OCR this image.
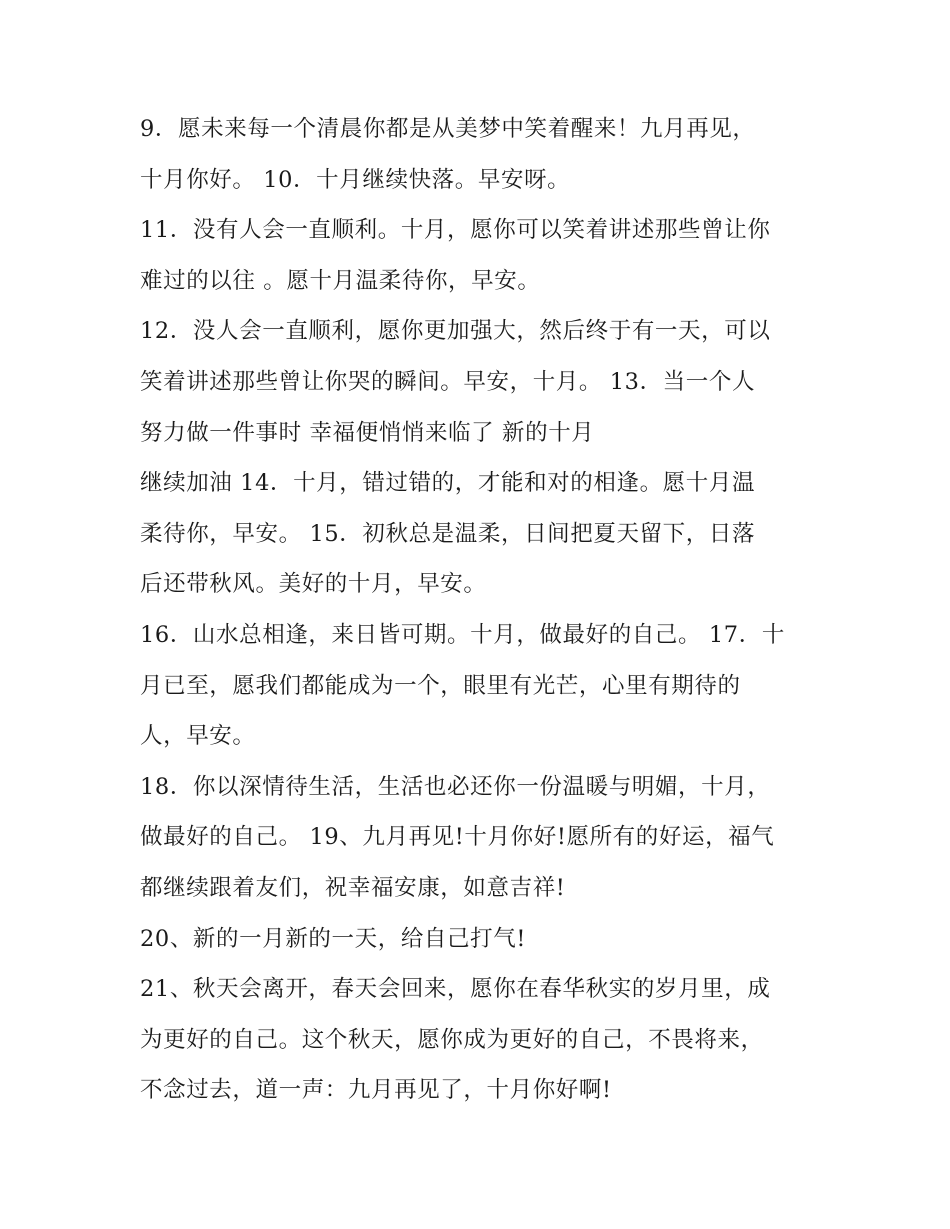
9．愿未来每一个清晨你都是从美梦中笑着醒来！九月再见，
十月你好。 10．十月继续快落。早安呀。
11．没有人会一直顺利。十月，愿你可以笑着讲述那些曾让你
难过的以往 。愿十月温柔待你，早安。
12．没人会一直顺利，愿你更加强大，然后终于有一天，可以
笑着讲述那些曾让你哭的瞬间。早安，十月。 13．当一个人
努力做一件事时 幸福便悄悄来临了 新的十月
继续加油 14．十月，错过错的，才能和对的相逢。愿十月温
柔待你，早安。 15．初秋总是温柔，日间把夏天留下，日落
后还带秋风。美好的十月，早安。
16．山水总相逢，来日皆可期。十月，做最好的自己。 17．十
月已至，愿我们都能成为一个，眼里有光芒，心里有期待的
人，早安。
18．你以深情待生活，生活也必还你一份温暖与明媚，十月，
做最好的自己。 19、九月再见!十月你好!愿所有的好运，福气
都继续跟着友们，祝幸福安康，如意吉祥!
20、新的一月新的一天，给自己打气!
21、秋天会离开，春天会回来，愿你在春华秋实的岁月里，成
为更好的自己。这个秋天，愿你成为更好的自己，不畏将来，
不念过去，道一声：九月再见了，十月你好啊!
